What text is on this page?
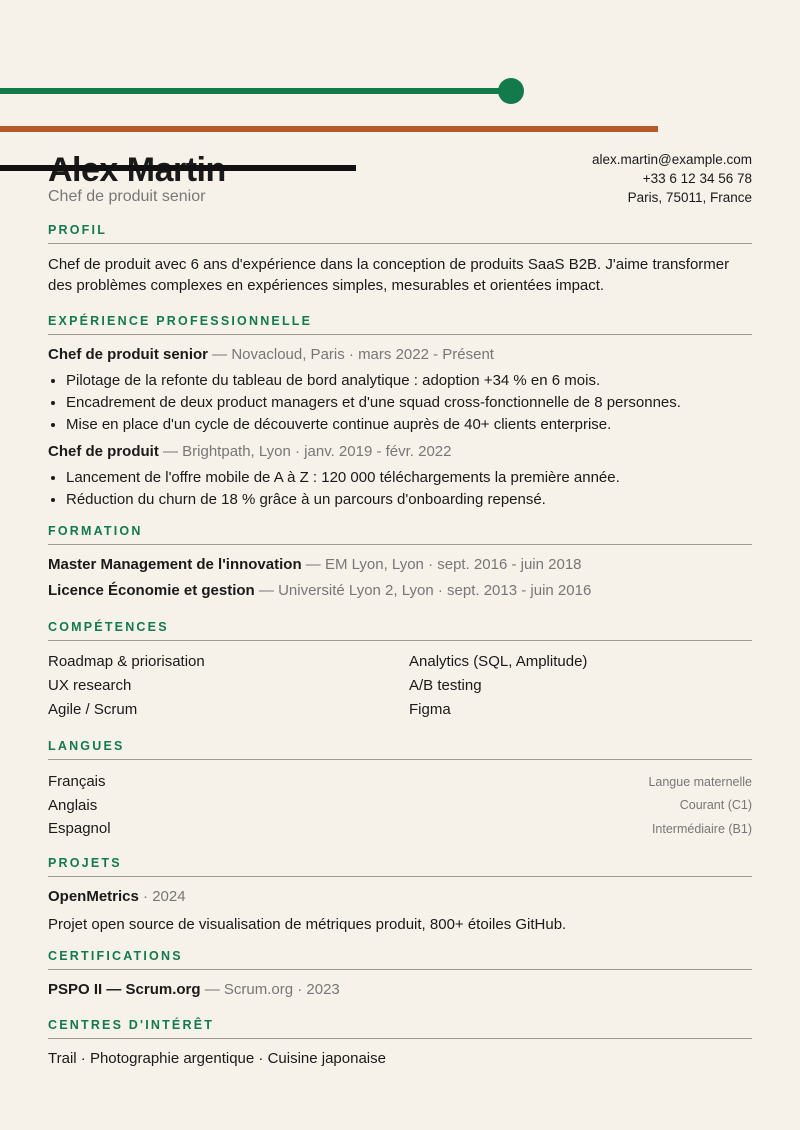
Chef de produit senior
alex.martin@example.com
+33 6 12 34 56 78
Paris, 75011, France
PROFIL

Chef de produit avec 6 ans d'expérience dans la conception de produits SaaS B2B. J'aime transformer des problèmes complexes en expériences simples, mesurables et orientées impact.

EXPÉRIENCE PROFESSIONNELLE
Chef de produit senior — Novacloud, Paris · mars 2022 - Présent
• Pilotage de la refonte du tableau de bord analytique : adoption +34 % en 6 mois.
• Encadrement de deux product managers et d'une squad cross-fonctionnelle de 8 personnes.
• Mise en place d'un cycle de découverte continue auprès de 40+ clients enterprise.
Chef de produit — Brightpath, Lyon · janv. 2019 - févr. 2022
• Lancement de l'offre mobile de A à Z : 120 000 téléchargements la première année.
• Réduction du churn de 18 % grâce à un parcours d'onboarding repensé.
FORMATION
Master Management de l'innovation — EM Lyon, Lyon · sept. 2016 - juin 2018
Licence Économie et gestion — Université Lyon 2, Lyon · sept. 2013 - juin 2016
COMPÉTENCES
Roadmap & priorisation	Analytics (SQL, Amplitude)
UX research	A/B testing
Agile / Scrum	Figma
LANGUES
Français	Langue maternelle
Anglais	Courant (C1)
Espagnol	Intermédiaire (B1)
PROJETS
OpenMetrics · 2024

Projet open source de visualisation de métriques produit, 800+ étoiles GitHub.

CERTIFICATIONS
PSPO II — Scrum.org — Scrum.org · 2023
CENTRES D'INTÉRÊT
Trail · Photographie argentique · Cuisine japonaise
